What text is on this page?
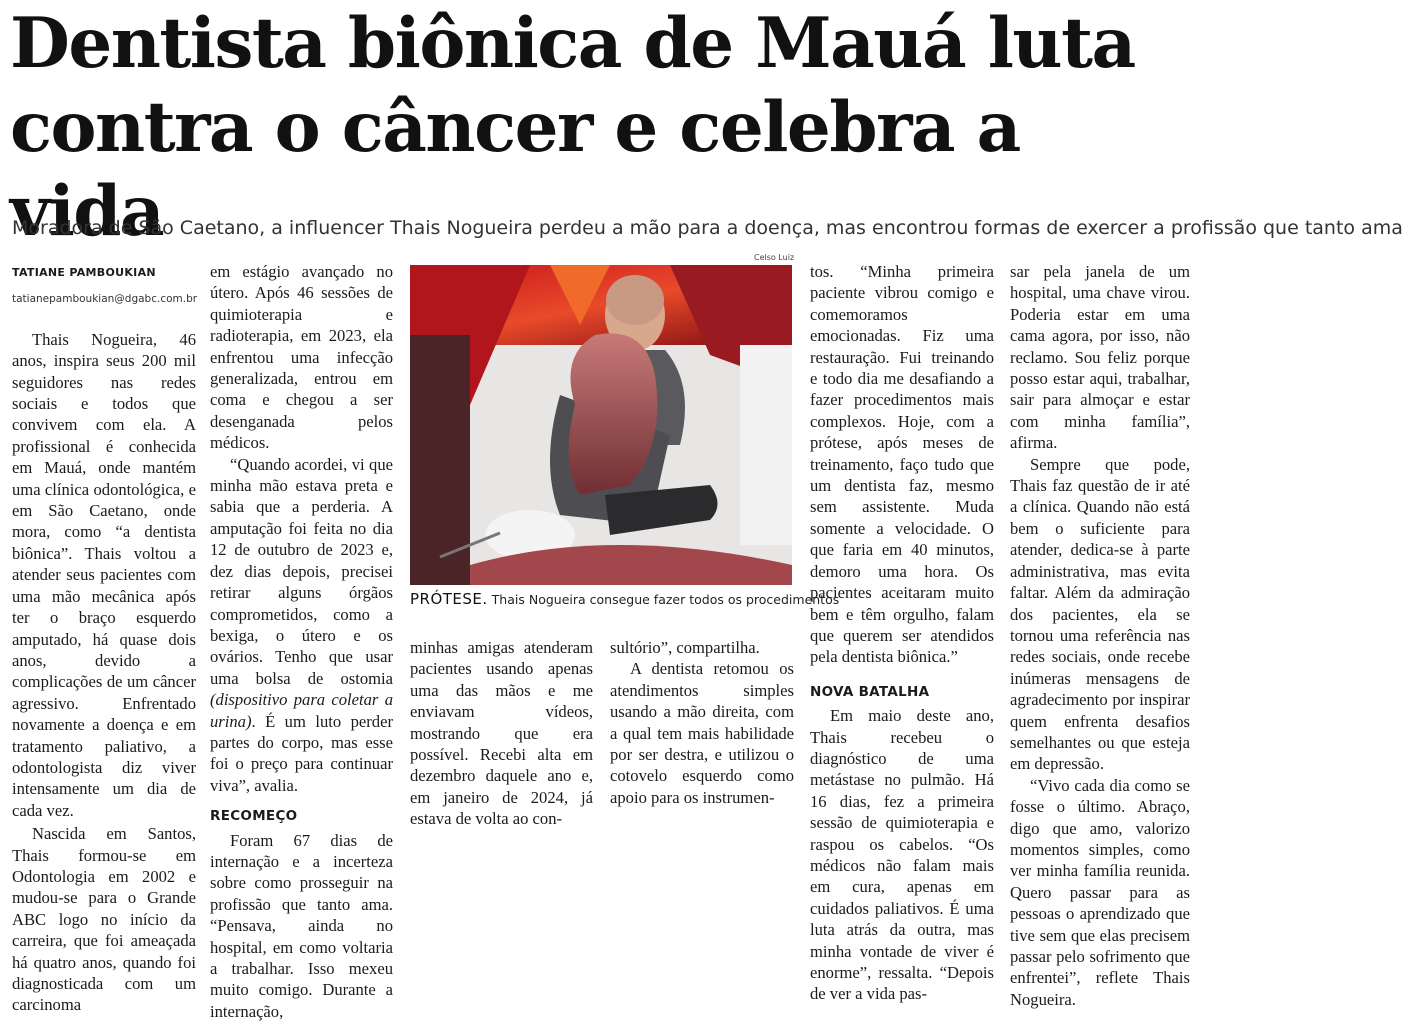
Dentista biônica de Mauá luta
contra o câncer e celebra a vida
Moradora de São Caetano, a influencer Thais Nogueira perdeu a mão para a doença, mas encontrou formas de exercer a profissão que tanto ama
TATIANE PAMBOUKIAN
tatianepamboukian@dgabc.com.br

Thais Nogueira, 46 anos, inspira seus 200 mil seguidores nas redes sociais e todos que convivem com ela. A profissional é conhecida em Mauá, onde mantém uma clínica odontológica, e em São Caetano, onde mora, como “a dentista biônica”. Thais voltou a atender seus pacientes com uma mão mecânica após ter o braço esquerdo amputado, há quase dois anos, devido a complicações de um câncer agressivo. Enfrentado novamente a doença e em tratamento paliativo, a odontologista diz viver intensamente um dia de cada vez.

Nascida em Santos, Thais formou-se em Odontologia em 2002 e mudou-se para o Grande ABC logo no início da carreira, que foi ameaçada há quatro anos, quando foi diagnosticada com um carcinoma

em estágio avançado no útero. Após 46 sessões de quimioterapia e radioterapia, em 2023, ela enfrentou uma infecção generalizada, entrou em coma e chegou a ser desenganada pelos médicos.

“Quando acordei, vi que minha mão estava preta e sabia que a perderia. A amputação foi feita no dia 12 de outubro de 2023 e, dez dias depois, precisei retirar alguns órgãos comprometidos, como a bexiga, o útero e os ovários. Tenho que usar uma bolsa de ostomia (dispositivo para coletar a urina). É um luto perder partes do corpo, mas esse foi o preço para continuar viva”, avalia.

RECOMEÇO

Foram 67 dias de internação e a incerteza sobre como prosseguir na profissão que tanto ama. “Pensava, ainda no hospital, em como voltaria a trabalhar. Isso mexeu muito comigo. Durante a internação,

Celso Luiz
PRÓTESE. Thais Nogueira consegue fazer todos os procedimentos

minhas amigas atenderam pacientes usando apenas uma das mãos e me enviavam vídeos, mostrando que era possível. Recebi alta em dezembro daquele ano e, em janeiro de 2024, já estava de volta ao con-

sultório”, compartilha.

A dentista retomou os atendimentos simples usando a mão direita, com a qual tem mais habilidade por ser destra, e utilizou o cotovelo esquerdo como apoio para os instrumen-

tos. “Minha primeira paciente vibrou comigo e comemoramos emocionadas. Fiz uma restauração. Fui treinando e todo dia me desafiando a fazer procedimentos mais complexos. Hoje, com a prótese, após meses de treinamento, faço tudo que um dentista faz, mesmo sem assistente. Muda somente a velocidade. O que faria em 40 minutos, demoro uma hora. Os pacientes aceitaram muito bem e têm orgulho, falam que querem ser atendidos pela dentista biônica.”

NOVA BATALHA

Em maio deste ano, Thais recebeu o diagnóstico de uma metástase no pulmão. Há 16 dias, fez a primeira sessão de quimioterapia e raspou os cabelos. “Os médicos não falam mais em cura, apenas em cuidados paliativos. É uma luta atrás da outra, mas minha vontade de viver é enorme”, ressalta. “Depois de ver a vida pas-

sar pela janela de um hospital, uma chave virou. Poderia estar em uma cama agora, por isso, não reclamo. Sou feliz porque posso estar aqui, trabalhar, sair para almoçar e estar com minha família”, afirma.

Sempre que pode, Thais faz questão de ir até a clínica. Quando não está bem o suficiente para atender, dedica-se à parte administrativa, mas evita faltar. Além da admiração dos pacientes, ela se tornou uma referência nas redes sociais, onde recebe inúmeras mensagens de agradecimento por inspirar quem enfrenta desafios semelhantes ou que esteja em depressão.

“Vivo cada dia como se fosse o último. Abraço, digo que amo, valorizo momentos simples, como ver minha família reunida. Quero passar para as pessoas o aprendizado que tive sem que elas precisem passar pelo sofrimento que enfrentei”, reflete Thais Nogueira.
